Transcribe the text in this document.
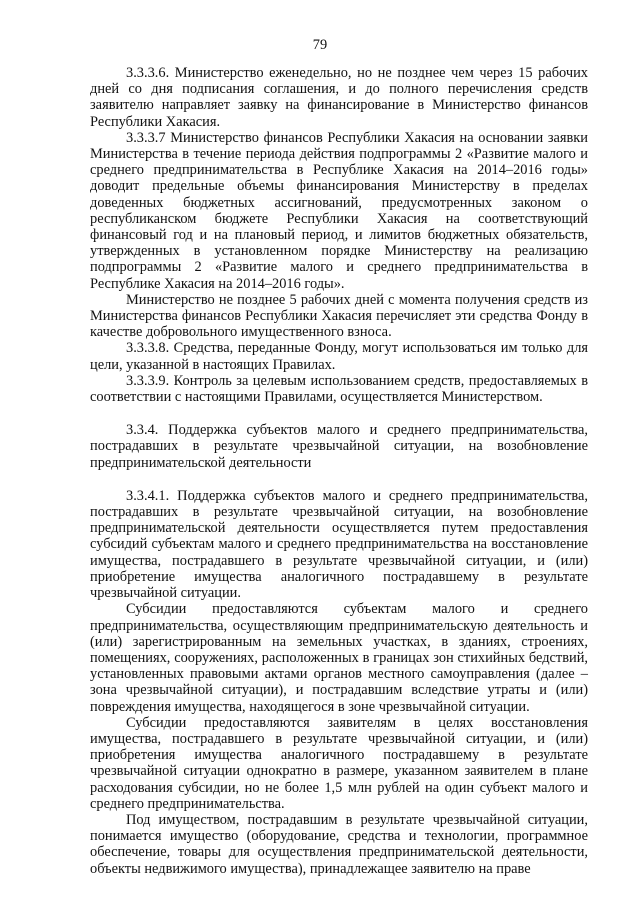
79

3.3.3.6. Министерство еженедельно, но не позднее чем через 15 рабочих дней со дня подписания соглашения, и до полного перечисления средств заявителю направляет заявку на финансирование в Министерство финансов Республики Хакасия.

3.3.3.7 Министерство финансов Республики Хакасия на основании заявки Министерства в течение периода действия подпрограммы 2 «Развитие малого и среднего предпринимательства в Республике Хакасия на 2014–2016 годы» доводит предельные объемы финансирования Министерству в пределах доведенных бюджетных ассигнований, предусмотренных законом о республиканском бюджете Республики Хакасия на соответствующий финансовый год и на плановый период, и лимитов бюджетных обязательств, утвержденных в установленном порядке Министерству на реализацию подпрограммы 2 «Развитие малого и среднего предпринимательства в Республике Хакасия на 2014–2016 годы».

Министерство не позднее 5 рабочих дней с момента получения средств из Министерства финансов Республики Хакасия перечисляет эти средства Фонду в качестве добровольного имущественного взноса.

3.3.3.8. Средства, переданные Фонду, могут использоваться им только для цели, указанной в настоящих Правилах.

3.3.3.9. Контроль за целевым использованием средств, предоставляемых в соответствии с настоящими Правилами, осуществляется Министерством.

3.3.4. Поддержка субъектов малого и среднего предпринимательства, пострадавших в результате чрезвычайной ситуации, на возобновление предпринимательской деятельности

3.3.4.1. Поддержка субъектов малого и среднего предпринимательства, пострадавших в результате чрезвычайной ситуации, на возобновление предпринимательской деятельности осуществляется путем предоставления субсидий субъектам малого и среднего предпринимательства на восстановление имущества, пострадавшего в результате чрезвычайной ситуации, и (или) приобретение имущества аналогичного пострадавшему в результате чрезвычайной ситуации.

Субсидии предоставляются субъектам малого и среднего предпринимательства, осуществляющим предпринимательскую деятельность и (или) зарегистрированным на земельных участках, в зданиях, строениях, помещениях, сооружениях, расположенных в границах зон стихийных бедствий, установленных правовыми актами органов местного самоуправления (далее – зона чрезвычайной ситуации), и пострадавшим вследствие утраты и (или) повреждения имущества, находящегося в зоне чрезвычайной ситуации.

Субсидии предоставляются заявителям в целях восстановления имущества, пострадавшего в результате чрезвычайной ситуации, и (или) приобретения имущества аналогичного пострадавшему в результате чрезвычайной ситуации однократно в размере, указанном заявителем в плане расходования субсидии, но не более 1,5 млн рублей на один субъект малого и среднего предпринимательства.

Под имуществом, пострадавшим в результате чрезвычайной ситуации, понимается имущество (оборудование, средства и технологии, программное обеспечение, товары для осуществления предпринимательской деятельности, объекты недвижимого имущества), принадлежащее заявителю на праве
